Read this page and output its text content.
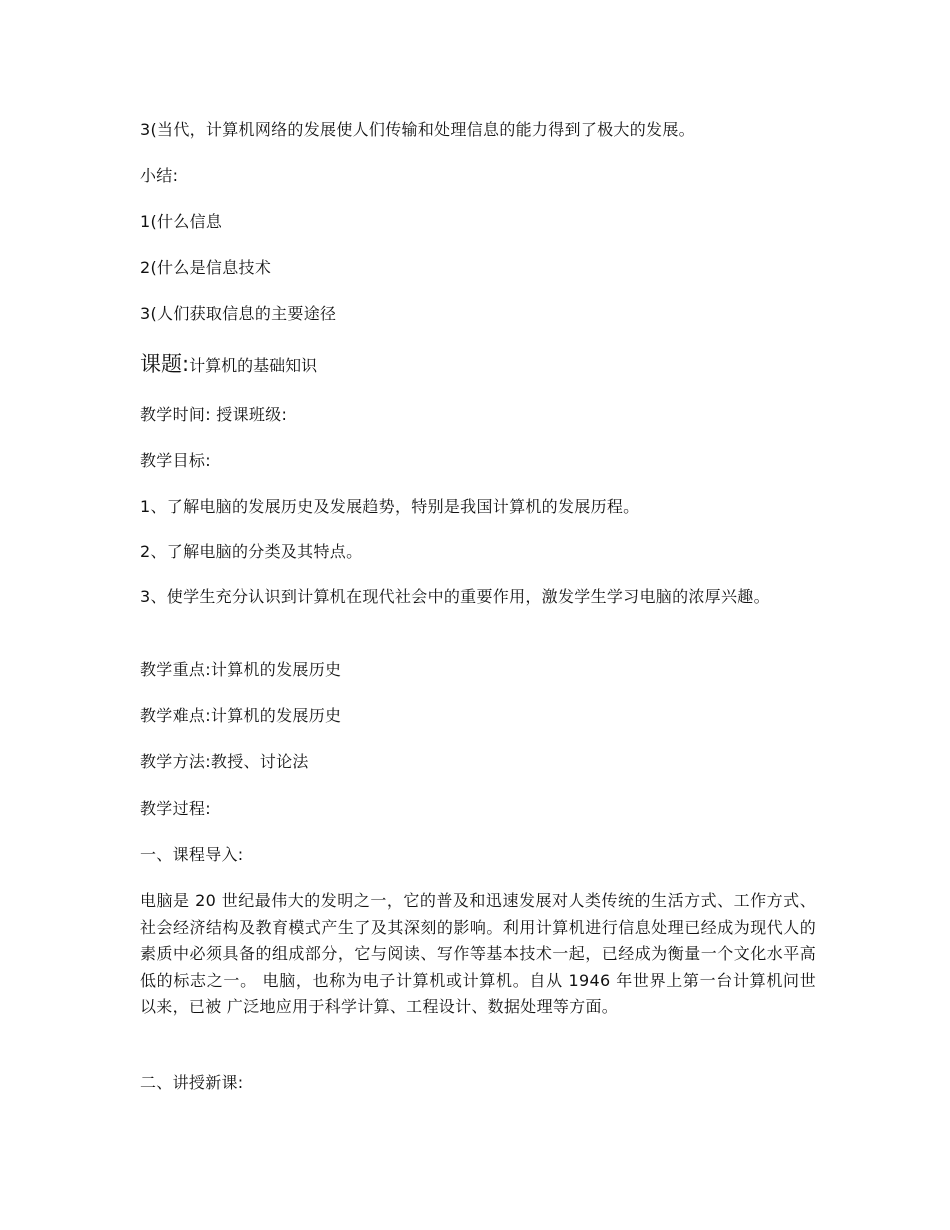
3(当代，计算机网络的发展使人们传输和处理信息的能力得到了极大的发展。
小结:
1(什么信息
2(什么是信息技术
3(人们获取信息的主要途径
课题:计算机的基础知识
教学时间: 授课班级:
教学目标:
1、了解电脑的发展历史及发展趋势，特别是我国计算机的发展历程。
2、了解电脑的分类及其特点。
3、使学生充分认识到计算机在现代社会中的重要作用，激发学生学习电脑的浓厚兴趣。
教学重点:计算机的发展历史
教学难点:计算机的发展历史
教学方法:教授、讨论法
教学过程:
一、课程导入:
电脑是 20 世纪最伟大的发明之一，它的普及和迅速发展对人类传统的生活方式、工作方式、社会经济结构及教育模式产生了及其深刻的影响。利用计算机进行信息处理已经成为现代人的素质中必须具备的组成部分，它与阅读、写作等基本技术一起，已经成为衡量一个文化水平高低的标志之一。 电脑，也称为电子计算机或计算机。自从 1946 年世界上第一台计算机问世以来，已被 广泛地应用于科学计算、工程设计、数据处理等方面。
二、讲授新课:
